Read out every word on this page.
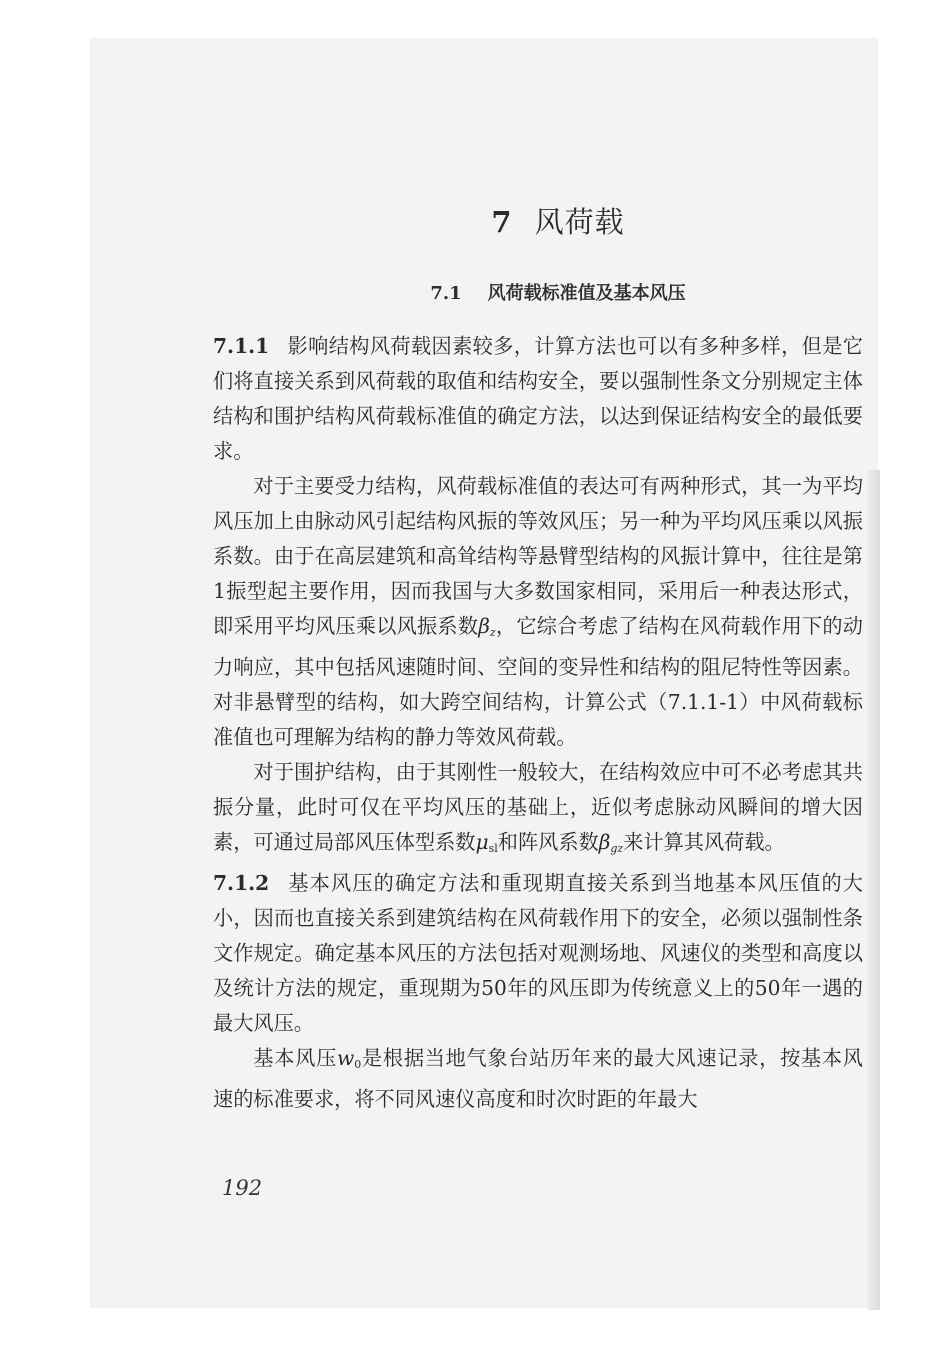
7 风荷载
7.1 风荷载标准值及基本风压

7.1.1 影响结构风荷载因素较多，计算方法也可以有多种多样，但是它们将直接关系到风荷载的取值和结构安全，要以强制性条文分别规定主体结构和围护结构风荷载标准值的确定方法，以达到保证结构安全的最低要求。

对于主要受力结构，风荷载标准值的表达可有两种形式，其一为平均风压加上由脉动风引起结构风振的等效风压；另一种为平均风压乘以风振系数。由于在高层建筑和高耸结构等悬臂型结构的风振计算中，往往是第1振型起主要作用，因而我国与大多数国家相同，采用后一种表达形式，即采用平均风压乘以风振系数βz，它综合考虑了结构在风荷载作用下的动力响应，其中包括风速随时间、空间的变异性和结构的阻尼特性等因素。对非悬臂型的结构，如大跨空间结构，计算公式（7.1.1-1）中风荷载标准值也可理解为结构的静力等效风荷载。

对于围护结构，由于其刚性一般较大，在结构效应中可不必考虑其共振分量，此时可仅在平均风压的基础上，近似考虑脉动风瞬间的增大因素，可通过局部风压体型系数$\mu_{sl}$和阵风系数βgz来计算其风荷载。

7.1.2 基本风压的确定方法和重现期直接关系到当地基本风压值的大小，因而也直接关系到建筑结构在风荷载作用下的安全，必须以强制性条文作规定。确定基本风压的方法包括对观测场地、风速仪的类型和高度以及统计方法的规定，重现期为50年的风压即为传统意义上的50年一遇的最大风压。

基本风压$w_0$是根据当地气象台站历年来的最大风速记录，按基本风速的标准要求，将不同风速仪高度和时次时距的年最大

192
